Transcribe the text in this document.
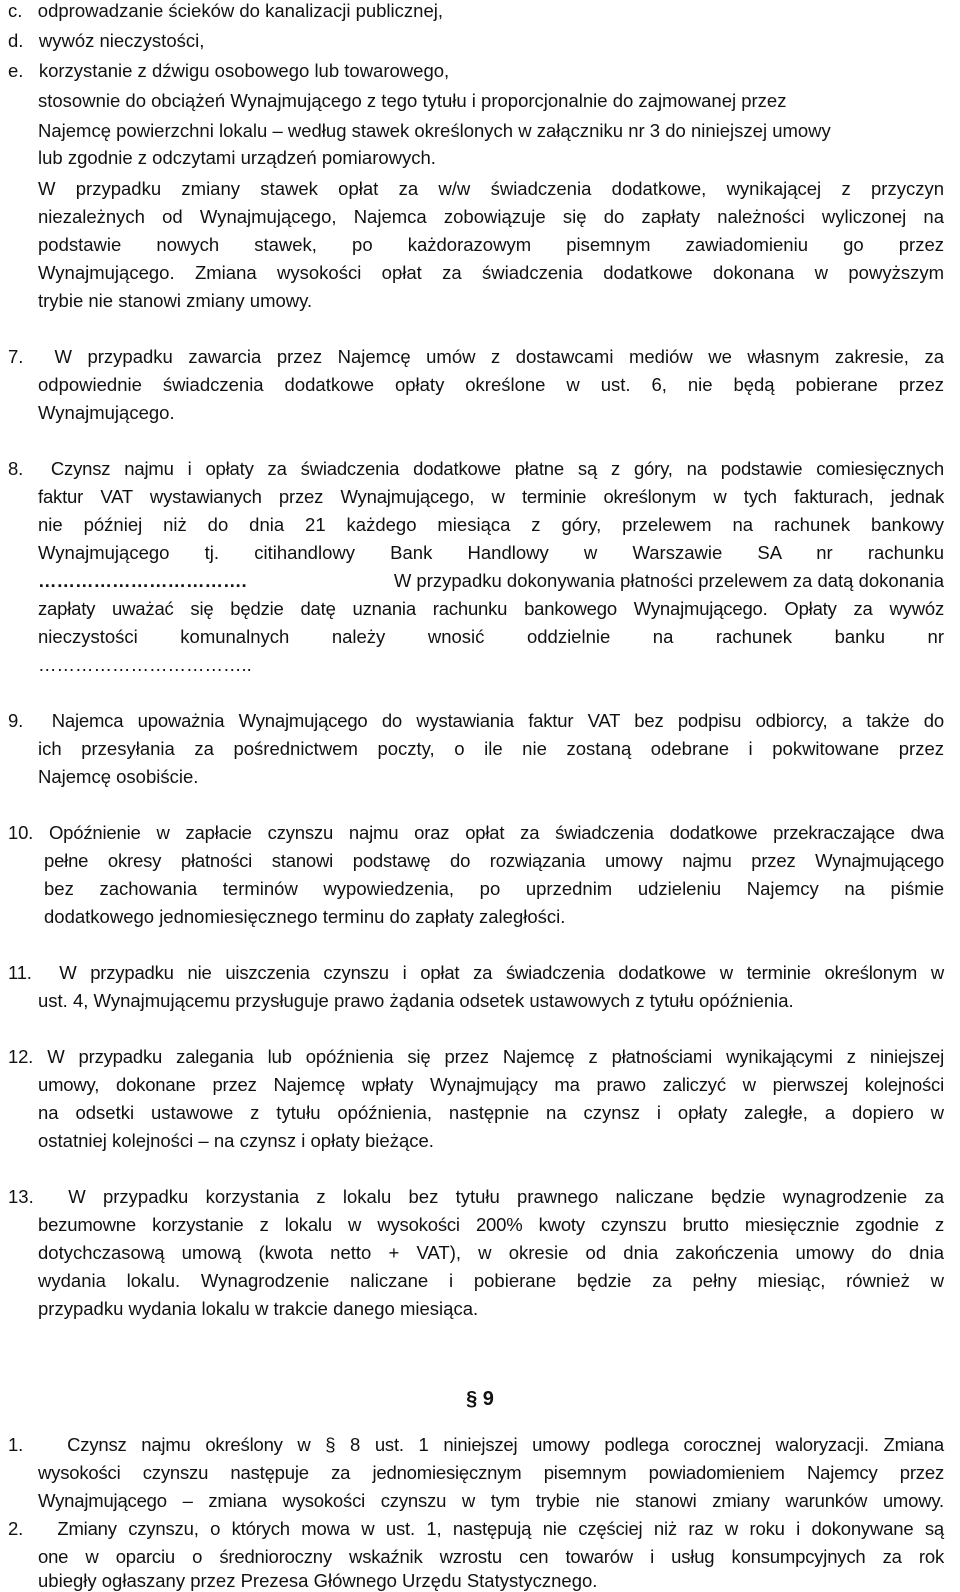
c.   odprowadzanie ścieków do kanalizacji publicznej,
d.   wywóz nieczystości,
e.   korzystanie z dźwigu osobowego lub towarowego,
stosownie do obciążeń Wynajmującego z tego tytułu i proporcjonalnie do zajmowanej przez
Najemcę powierzchni lokalu – według stawek określonych w załączniku nr 3 do niniejszej umowy
lub zgodnie z odczytami urządzeń pomiarowych.
W przypadku zmiany stawek opłat za w/w świadczenia dodatkowe, wynikającej z przyczyn
niezależnych od Wynajmującego, Najemca zobowiązuje się do zapłaty należności wyliczonej na
podstawie nowych stawek, po każdorazowym pisemnym zawiadomieniu go przez
Wynajmującego. Zmiana wysokości opłat za świadczenia dodatkowe dokonana w powyższym
trybie nie stanowi zmiany umowy.
7.  W przypadku zawarcia przez Najemcę umów z dostawcami mediów we własnym zakresie, za
odpowiednie świadczenia dodatkowe opłaty określone w ust. 6, nie będą pobierane przez
Wynajmującego.
8.  Czynsz najmu i opłaty za świadczenia dodatkowe płatne są z góry, na podstawie comiesięcznych
faktur VAT wystawianych przez Wynajmującego, w terminie określonym w tych fakturach, jednak
nie później niż do dnia 21 każdego miesiąca z góry, przelewem na rachunek bankowy
Wynajmującego tj. citihandlowy Bank Handlowy w Warszawie SA nr rachunku
…………………………….	W przypadku dokonywania płatności przelewem za datą dokonania
zapłaty uważać się będzie datę uznania rachunku bankowego Wynajmującego. Opłaty za wywóz
nieczystości komunalnych należy wnosić oddzielnie na rachunek banku nr
……………………………..
9.  Najemca upoważnia Wynajmującego do wystawiania faktur VAT bez podpisu odbiorcy, a także do
ich przesyłania za pośrednictwem poczty, o ile nie zostaną odebrane i pokwitowane przez
Najemcę osobiście.
10. Opóźnienie w zapłacie czynszu najmu oraz opłat za świadczenia dodatkowe przekraczające dwa
pełne okresy płatności stanowi podstawę do rozwiązania umowy najmu przez Wynajmującego
bez zachowania terminów wypowiedzenia, po uprzednim udzieleniu Najemcy na piśmie
dodatkowego jednomiesięcznego terminu do zapłaty zaległości.
11.  W przypadku nie uiszczenia czynszu i opłat za świadczenia dodatkowe w terminie określonym w
ust. 4, Wynajmującemu przysługuje prawo żądania odsetek ustawowych z tytułu opóźnienia.
12. W przypadku zalegania lub opóźnienia się przez Najemcę z płatnościami wynikającymi z niniejszej
umowy, dokonane przez Najemcę wpłaty Wynajmujący ma prawo zaliczyć w pierwszej kolejności
na odsetki ustawowe z tytułu opóźnienia, następnie na czynsz i opłaty zaległe, a dopiero w
ostatniej kolejności – na czynsz i opłaty bieżące.
13.  W przypadku korzystania z lokalu bez tytułu prawnego naliczane będzie wynagrodzenie za
bezumowne korzystanie z lokalu w wysokości 200% kwoty czynszu brutto miesięcznie zgodnie z
dotychczasową umową (kwota netto + VAT), w okresie od dnia zakończenia umowy do dnia
wydania lokalu. Wynagrodzenie naliczane i pobierane będzie za pełny miesiąc, również w
przypadku wydania lokalu w trakcie danego miesiąca.
§ 9
1.   Czynsz najmu określony w § 8 ust. 1 niniejszej umowy podlega corocznej waloryzacji. Zmiana
wysokości czynszu następuje za jednomiesięcznym pisemnym powiadomieniem Najemcy przez
Wynajmującego – zmiana wysokości czynszu w tym trybie nie stanowi zmiany warunków umowy.
2.   Zmiany czynszu, o których mowa w ust. 1, następują nie częściej niż raz w roku i dokonywane są
one w oparciu o średnioroczny wskaźnik wzrostu cen towarów i usług konsumpcyjnych za rok
ubiegły ogłaszany przez Prezesa Głównego Urzędu Statystycznego.
